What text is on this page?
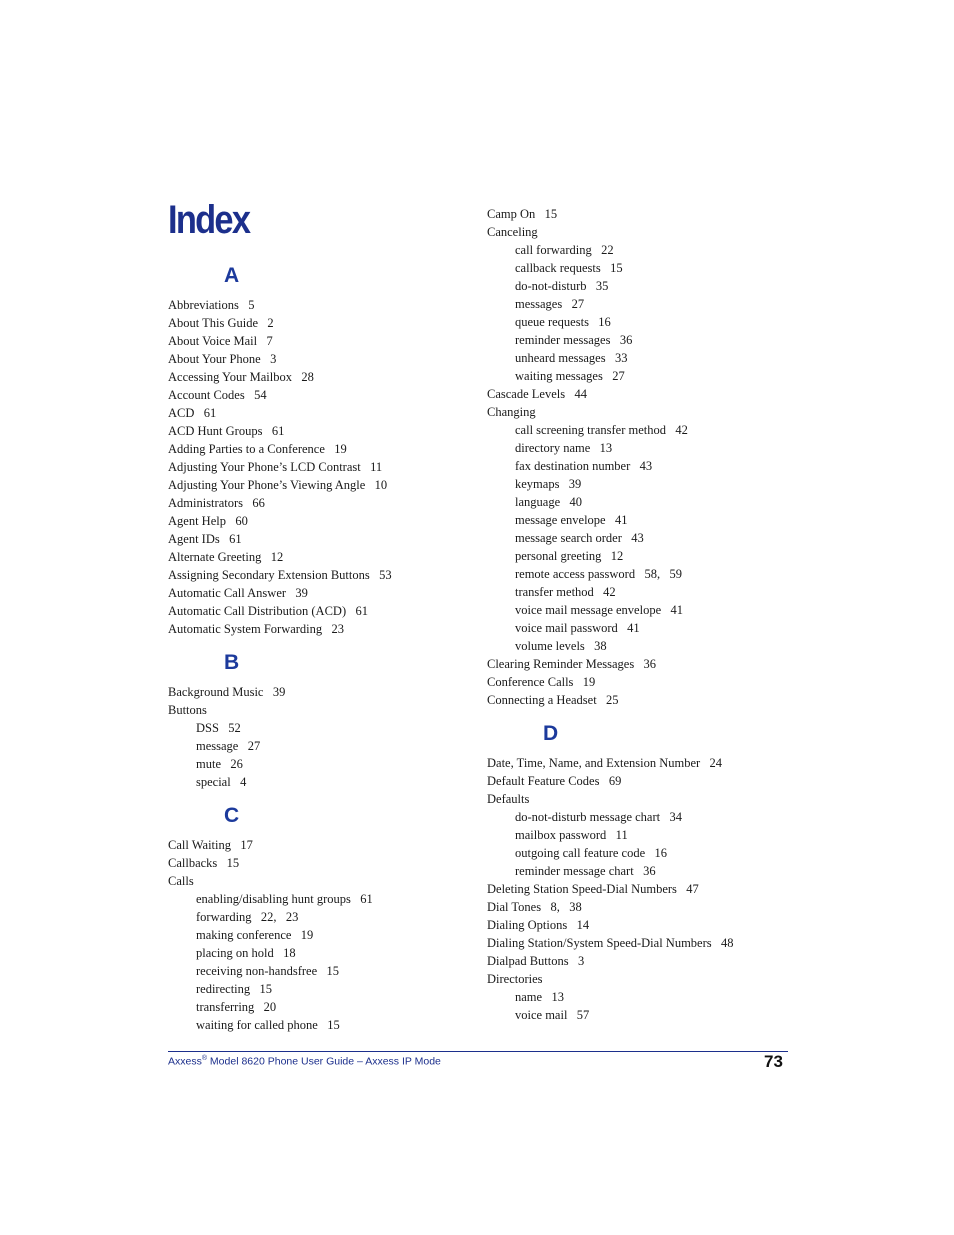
Index
A
Abbreviations   5
About This Guide   2
About Voice Mail   7
About Your Phone   3
Accessing Your Mailbox   28
Account Codes   54
ACD   61
ACD Hunt Groups   61
Adding Parties to a Conference   19
Adjusting Your Phone’s LCD Contrast   11
Adjusting Your Phone’s Viewing Angle   10
Administrators   66
Agent Help   60
Agent IDs   61
Alternate Greeting   12
Assigning Secondary Extension Buttons   53
Automatic Call Answer   39
Automatic Call Distribution (ACD)   61
Automatic System Forwarding   23
B
Background Music   39
Buttons
DSS   52
message   27
mute   26
special   4
C
Call Waiting   17
Callbacks   15
Calls
enabling/disabling hunt groups   61
forwarding   22,   23
making conference   19
placing on hold   18
receiving non-handsfree   15
redirecting   15
transferring   20
waiting for called phone   15
Camp On   15
Canceling
call forwarding   22
callback requests   15
do-not-disturb   35
messages   27
queue requests   16
reminder messages   36
unheard messages   33
waiting messages   27
Cascade Levels   44
Changing
call screening transfer method   42
directory name   13
fax destination number   43
keymaps   39
language   40
message envelope   41
message search order   43
personal greeting   12
remote access password   58,   59
transfer method   42
voice mail message envelope   41
voice mail password   41
volume levels   38
Clearing Reminder Messages   36
Conference Calls   19
Connecting a Headset   25
D
Date, Time, Name, and Extension Number   24
Default Feature Codes   69
Defaults
do-not-disturb message chart   34
mailbox password   11
outgoing call feature code   16
reminder message chart   36
Deleting Station Speed-Dial Numbers   47
Dial Tones   8,   38
Dialing Options   14
Dialing Station/System Speed-Dial Numbers   48
Dialpad Buttons   3
Directories
name   13
voice mail   57
Axxess® Model 8620 Phone User Guide – Axxess IP Mode	73
